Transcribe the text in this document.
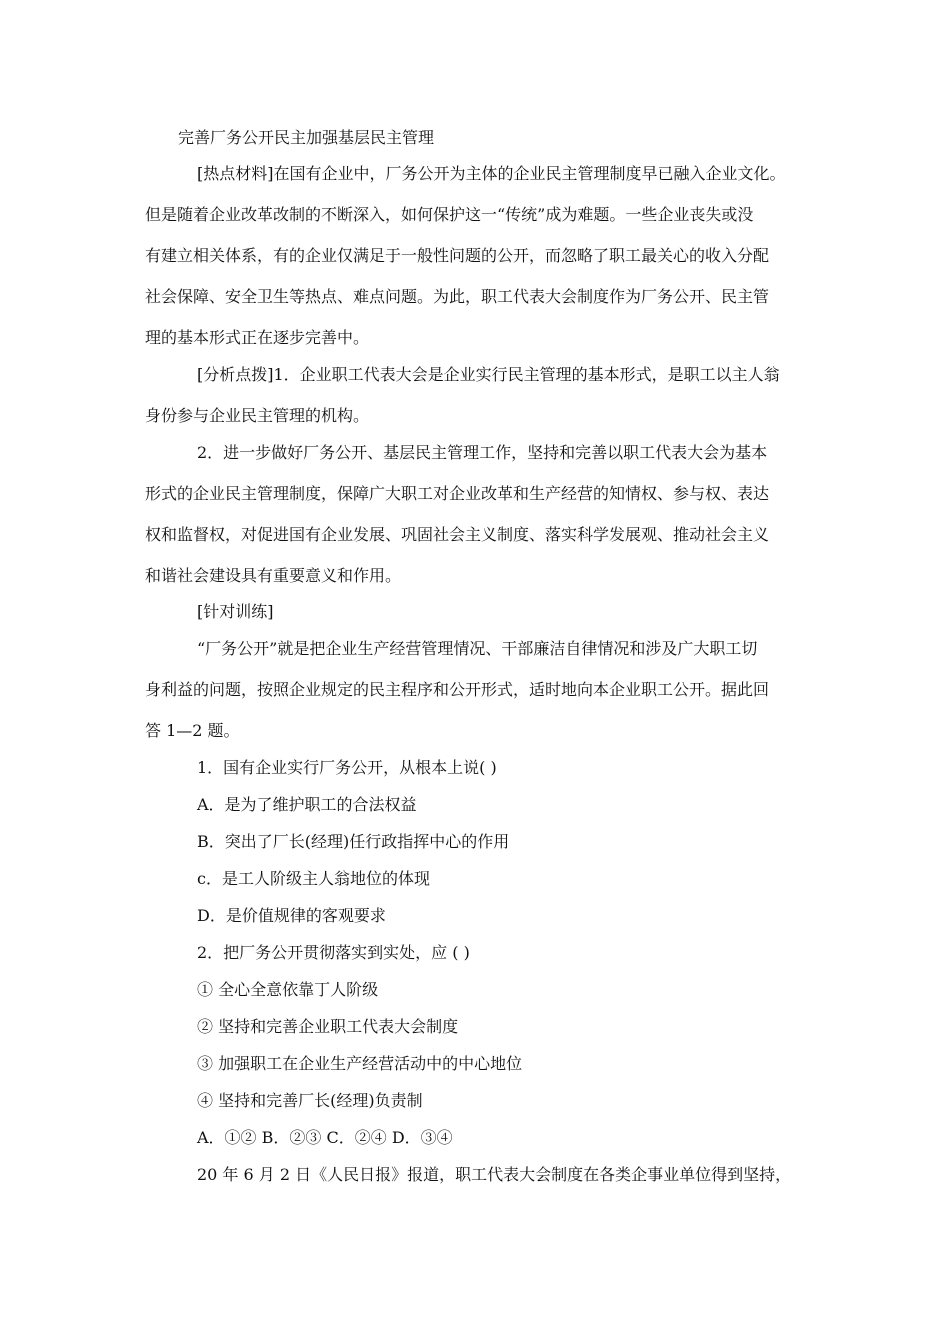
完善厂务公开民主加强基层民主管理
[热点材料]在国有企业中，厂务公开为主体的企业民主管理制度早已融入企业文化。
但是随着企业改革改制的不断深入，如何保护这一“传统”成为难题。一些企业丧失或没
有建立相关体系，有的企业仅满足于一般性问题的公开，而忽略了职工最关心的收入分配
社会保障、安全卫生等热点、难点问题。为此，职工代表大会制度作为厂务公开、民主管
理的基本形式正在逐步完善中。
[分析点拨]1．企业职工代表大会是企业实行民主管理的基本形式，是职工以主人翁
身份参与企业民主管理的机构。
2．进一步做好厂务公开、基层民主管理工作，坚持和完善以职工代表大会为基本
形式的企业民主管理制度，保障广大职工对企业改革和生产经营的知情权、参与权、表达
权和监督权，对促进国有企业发展、巩固社会主义制度、落实科学发展观、推动社会主义
和谐社会建设具有重要意义和作用。
[针对训练]
“厂务公开”就是把企业生产经营管理情况、干部廉洁自律情况和涉及广大职工切
身利益的问题，按照企业规定的民主程序和公开形式，适时地向本企业职工公开。据此回
答 1—2 题。
1．国有企业实行厂务公开，从根本上说( )
A．是为了维护职工的合法权益
B．突出了厂长(经理)任行政指挥中心的作用
c．是工人阶级主人翁地位的体现
D．是价值规律的客观要求
2．把厂务公开贯彻落实到实处，应 ( )
① 全心全意依靠丁人阶级
② 坚持和完善企业职工代表大会制度
③ 加强职工在企业生产经营活动中的中心地位
④ 坚持和完善厂长(经理)负责制
A．①② B．②③ C．②④ D．③④
20 年 6 月 2 日《人民日报》报道，职工代表大会制度在各类企事业单位得到坚持，
